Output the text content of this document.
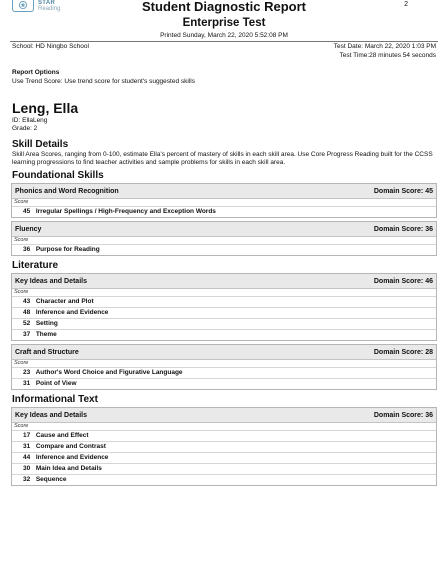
STAR
Reading	Student Diagnostic Report	2
Enterprise Test
Printed Sunday, March 22, 2020 5:52:08 PM
School: HD Ningbo School	Test Date: March 22, 2020 1:03 PM
Test Time:28 minutes 54 seconds
Report Options
Use Trend Score: Use trend score for student's suggested skills
Leng, Ella
ID: EllaLeng
Grade: 2
Skill Details
Skill Area Scores, ranging from 0-100, estimate Ella's percent of mastery of skills in each skill area. Use Core Progress Reading built for the CCSS learning progressions to find teacher activities and sample problems for skills in each skill area.
Foundational Skills
Phonics and Word Recognition	Domain Score: 45
Score
45 Irregular Spellings / High-Frequency and Exception Words
Fluency	Domain Score: 36
Score
36 Purpose for Reading
Literature
Key Ideas and Details	Domain Score: 46
Score
43 Character and Plot
48 Inference and Evidence
52 Setting
37 Theme
Craft and Structure	Domain Score: 28
Score
23 Author's Word Choice and Figurative Language
31 Point of View
Informational Text
Key Ideas and Details	Domain Score: 36
Score
17 Cause and Effect
31 Compare and Contrast
44 Inference and Evidence
30 Main Idea and Details
32 Sequence
